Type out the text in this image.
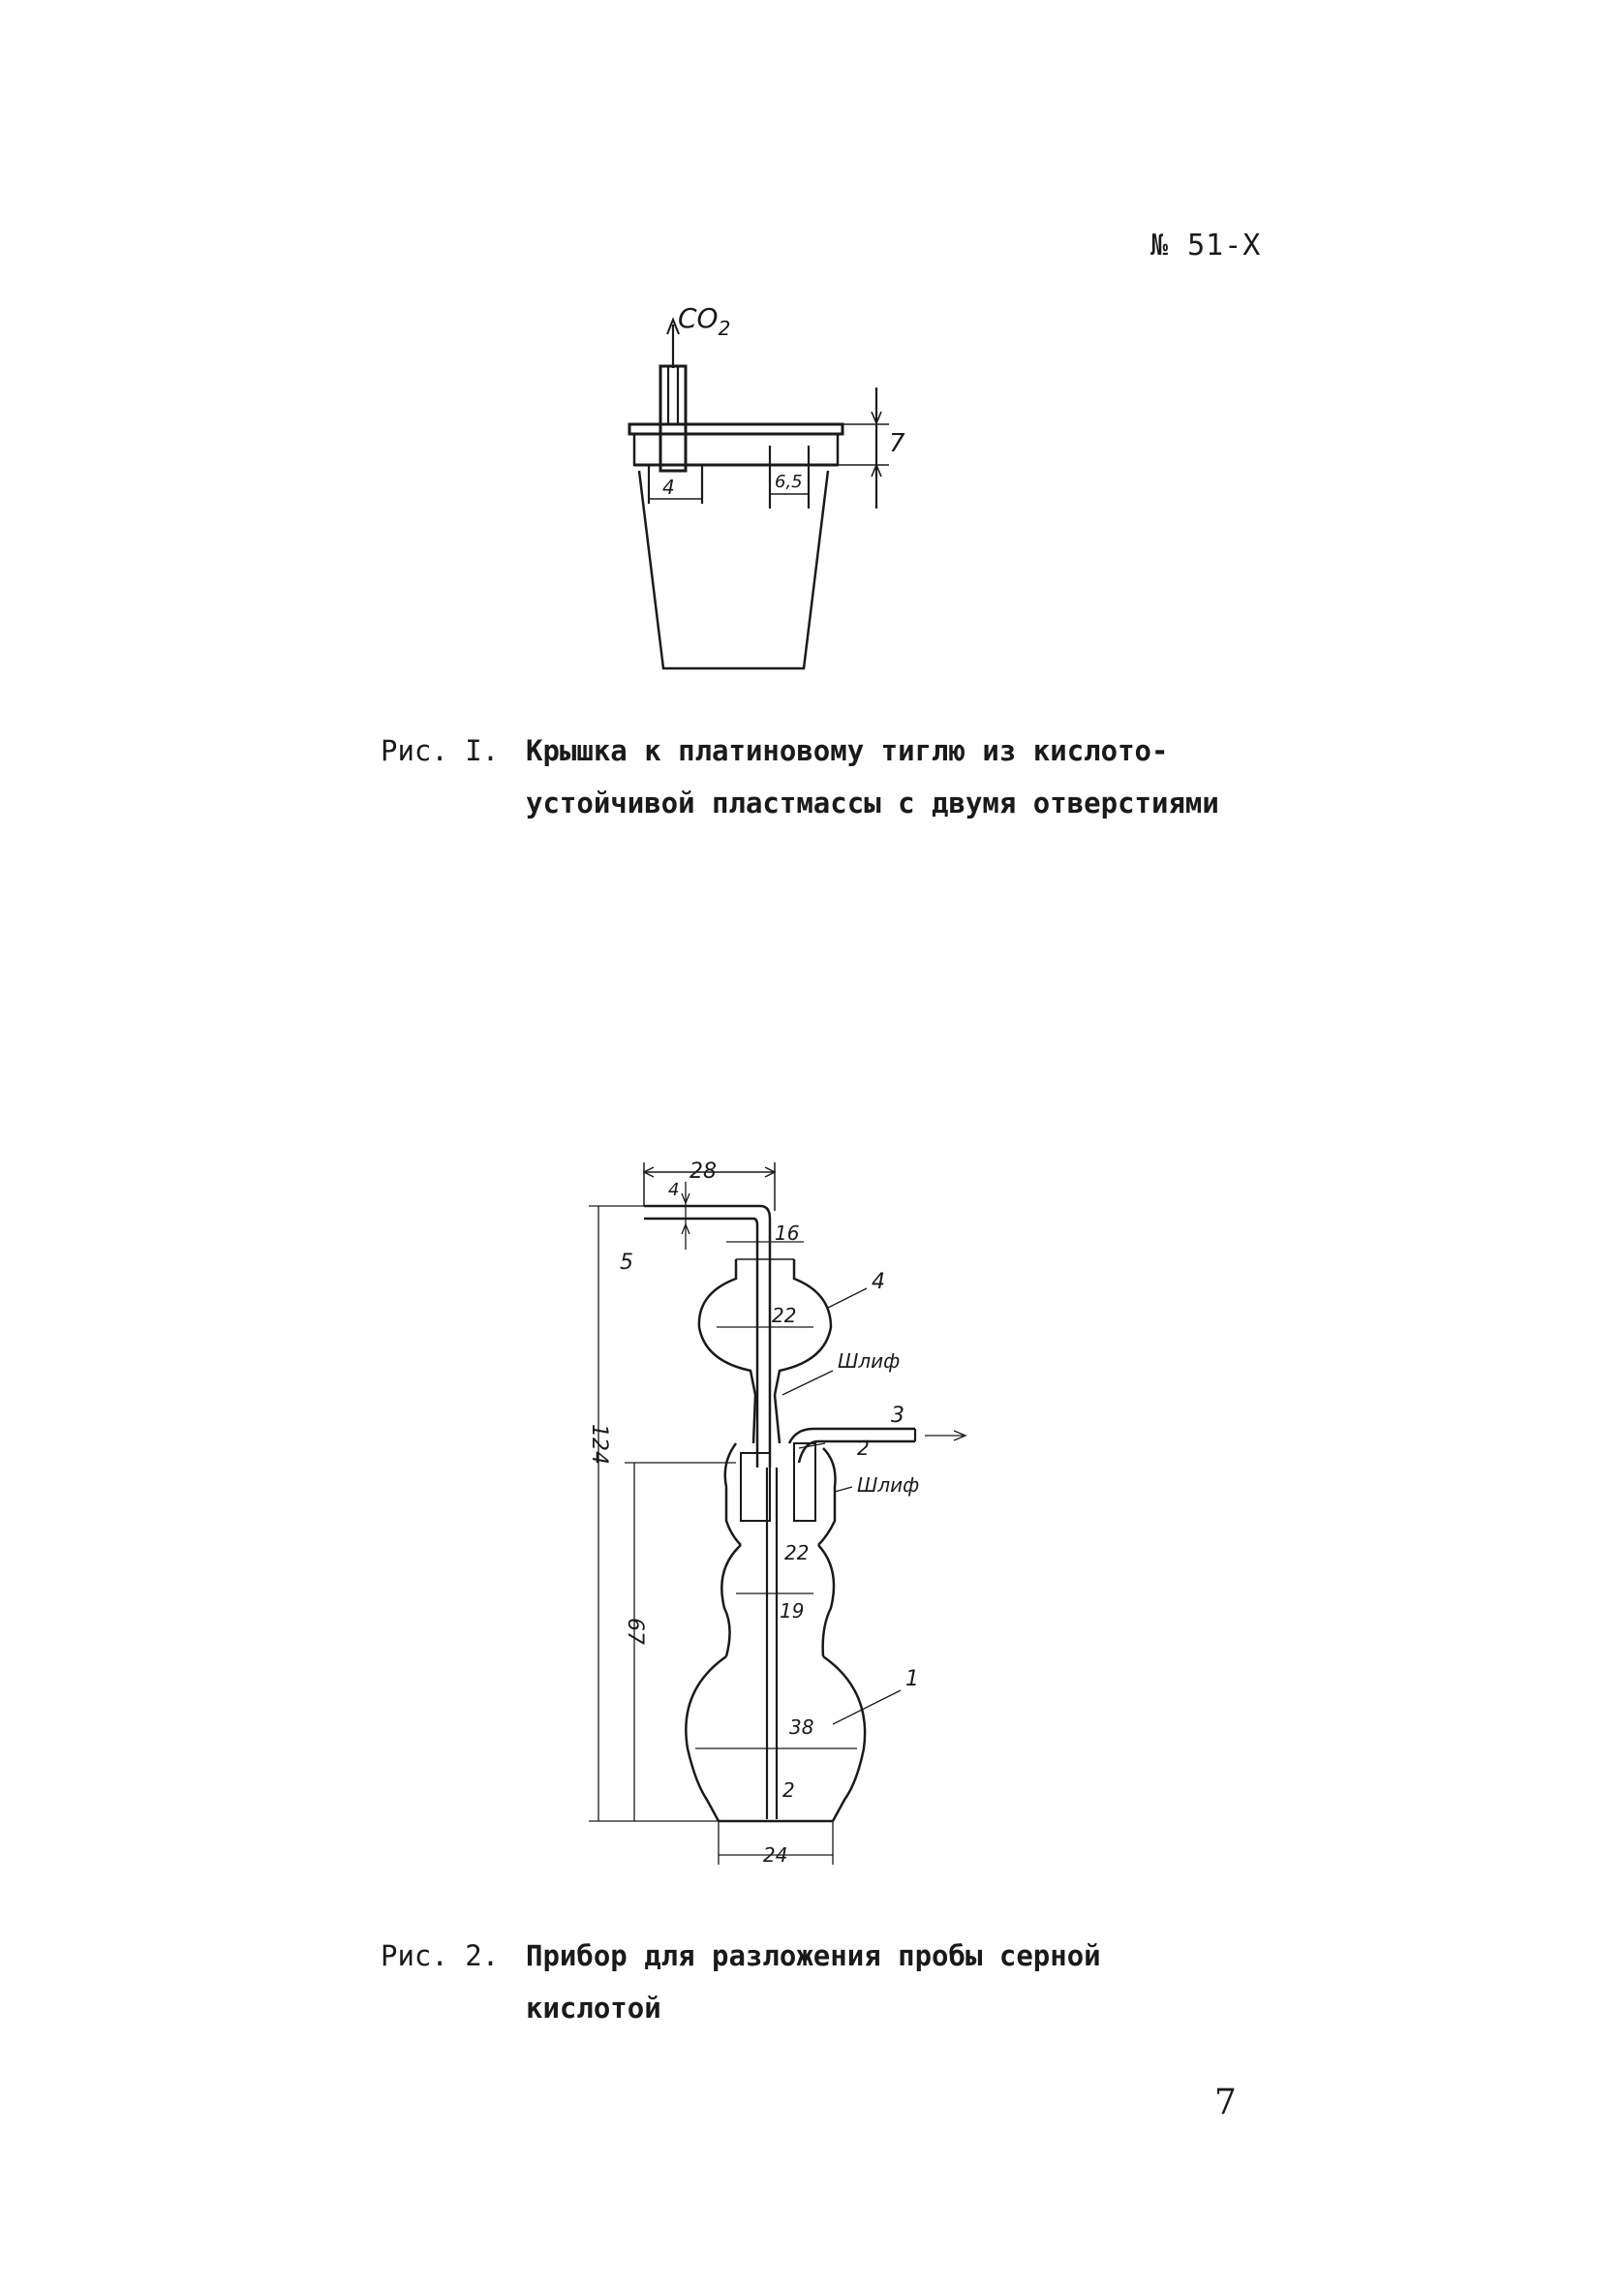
№ 51-X
$CO_2$
7
4	6,5
Рис. I. Крышка к платиновому тиглю из кислото-
устойчивой пластмассы с двумя отверстиями
28
4
16
5
22
4
Шлиф
3
2
Шлиф
22
19
1
38
2
24
124
67
Рис. 2. Прибор для разложения пробы серной
кислотой
7
